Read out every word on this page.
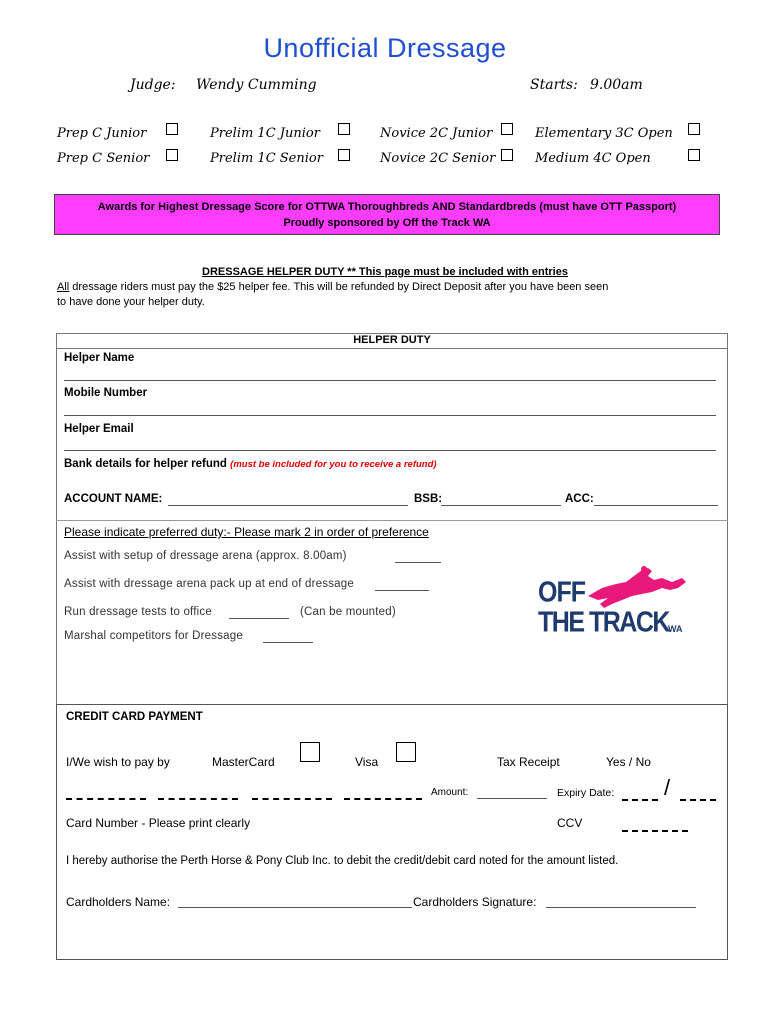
Unofficial Dressage
Judge: Wendy Cumming	Starts: 9.00am
Prep C Junior	Prelim 1C Junior	Novice 2C Junior	Elementary 3C Open
Prep C Senior	Prelim 1C Senior	Novice 2C Senior	Medium 4C Open
Awards for Highest Dressage Score for OTTWA Thoroughbreds AND Standardbreds (must have OTT Passport)
Proudly sponsored by Off the Track WA
DRESSAGE HELPER DUTY ** This page must be included with entries
All dressage riders must pay the $25 helper fee. This will be refunded by Direct Deposit after you have been seen
to have done your helper duty.
HELPER DUTY
Helper Name
Mobile Number
Helper Email
Bank details for helper refund (must be included for you to receive a refund)
ACCOUNT NAME:	BSB:	ACC:
Please indicate preferred duty:- Please mark 2 in order of preference
Assist with setup of dressage arena (approx. 8.00am)
Assist with dressage arena pack up at end of dressage
Run dressage tests to office	(Can be mounted)
Marshal competitors for Dressage
OFF
THE TRACK WA
CREDIT CARD PAYMENT
I/We wish to pay by	MasterCard	Visa	Tax Receipt	Yes / No
Amount:	Expiry Date: /
Card Number - Please print clearly	CCV
I hereby authorise the Perth Horse & Pony Club Inc. to debit the credit/debit card noted for the amount listed.
Cardholders Name:	Cardholders Signature:
